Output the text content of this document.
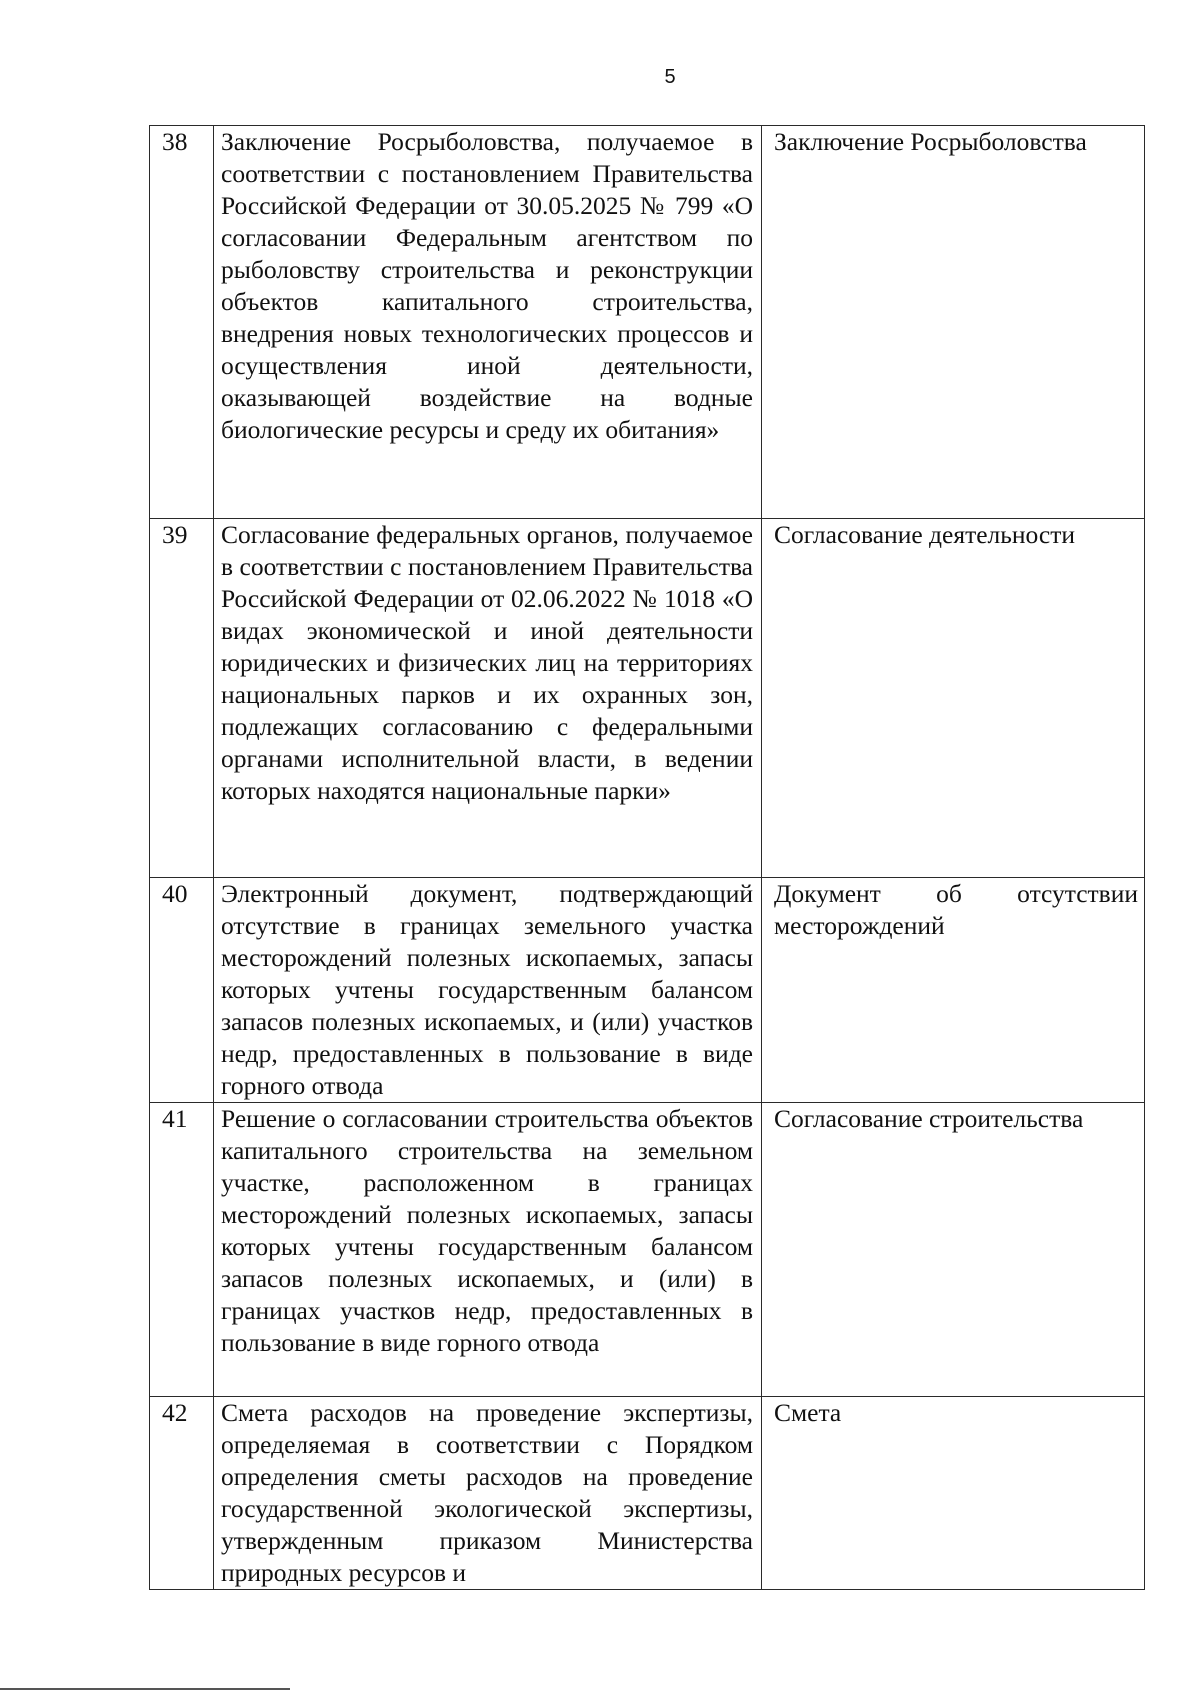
5
38	Заключение Росрыболовства, получаемое в соответствии с постановлением Правительства Российской Федерации от 30.05.2025 № 799 «О согласовании Федеральным агентством по рыболовству строительства и реконструкции объектов капитального строительства, внедрения новых технологических процессов и осуществления иной деятельности, оказывающей воздействие на водные биологические ресурсы и среду их обитания»	Заключение Росрыболовства
39	Согласование федеральных органов, получаемое в соответствии с постановлением Правительства Российской Федерации от 02.06.2022 № 1018 «О видах экономической и иной деятельности юридических и физических лиц на территориях национальных парков и их охранных зон, подлежащих согласованию с федеральными органами исполнительной власти, в ведении которых находятся национальные парки»	Согласование деятельности
40	Электронный документ, подтверждающий отсутствие в границах земельного участка месторождений полезных ископаемых, запасы которых учтены государственным балансом запасов полезных ископаемых, и (или) участков недр, предоставленных в пользование в виде горного отвода	Документ об отсутствии месторождений
41	Решение о согласовании строительства объектов капитального строительства на земельном участке, расположенном в границах месторождений полезных ископаемых, запасы которых учтены государственным балансом запасов полезных ископаемых, и (или) в границах участков недр, предоставленных в пользование в виде горного отвода	Согласование строительства
42	Смета расходов на проведение экспертизы, определяемая в соответствии с Порядком определения сметы расходов на проведение государственной экологической экспертизы, утвержденным приказом Министерства природных ресурсов и	Смета
